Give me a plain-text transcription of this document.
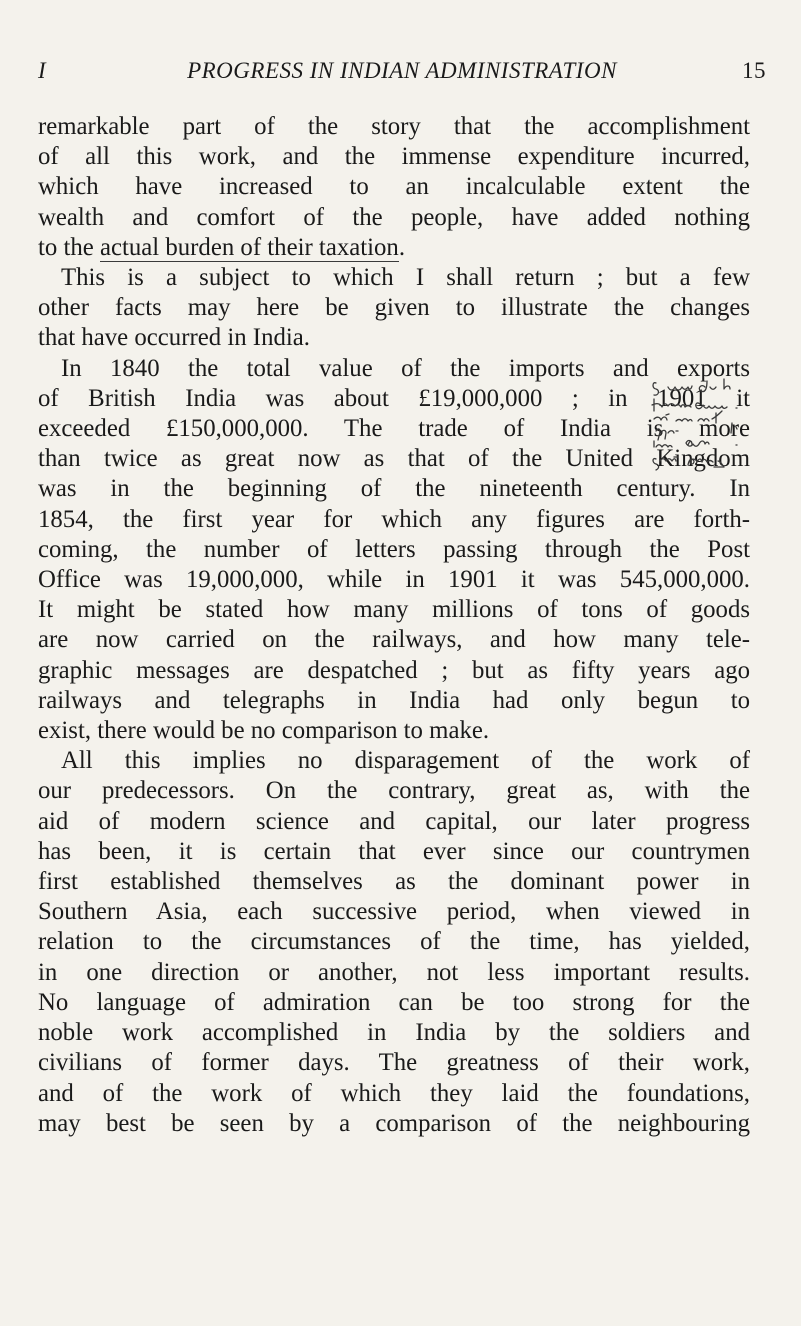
I	PROGRESS IN INDIAN ADMINISTRATION	15
remarkable part of the story that the accomplishment
of all this work, and the immense expenditure incurred,
which have increased to an incalculable extent the
wealth and comfort of the people, have added nothing
to the actual burden of their taxation.
This is a subject to which I shall return ; but a few
other facts may here be given to illustrate the changes
that have occurred in India.
In 1840 the total value of the imports and exports
of British India was about £19,000,000 ; in 1901 it
exceeded £150,000,000. The trade of India is more
than twice as great now as that of the United Kingdom
was in the beginning of the nineteenth century. In
1854, the first year for which any figures are forth-
coming, the number of letters passing through the Post
Office was 19,000,000, while in 1901 it was 545,000,000.
It might be stated how many millions of tons of goods
are now carried on the railways, and how many tele-
graphic messages are despatched ; but as fifty years ago
railways and telegraphs in India had only begun to
exist, there would be no comparison to make.
All this implies no disparagement of the work of
our predecessors. On the contrary, great as, with the
aid of modern science and capital, our later progress
has been, it is certain that ever since our countrymen
first established themselves as the dominant power in
Southern Asia, each successive period, when viewed in
relation to the circumstances of the time, has yielded,
in one direction or another, not less important results.
No language of admiration can be too strong for the
noble work accomplished in India by the soldiers and
civilians of former days. The greatness of their work,
and of the work of which they laid the foundations,
may best be seen by a comparison of the neighbouring
